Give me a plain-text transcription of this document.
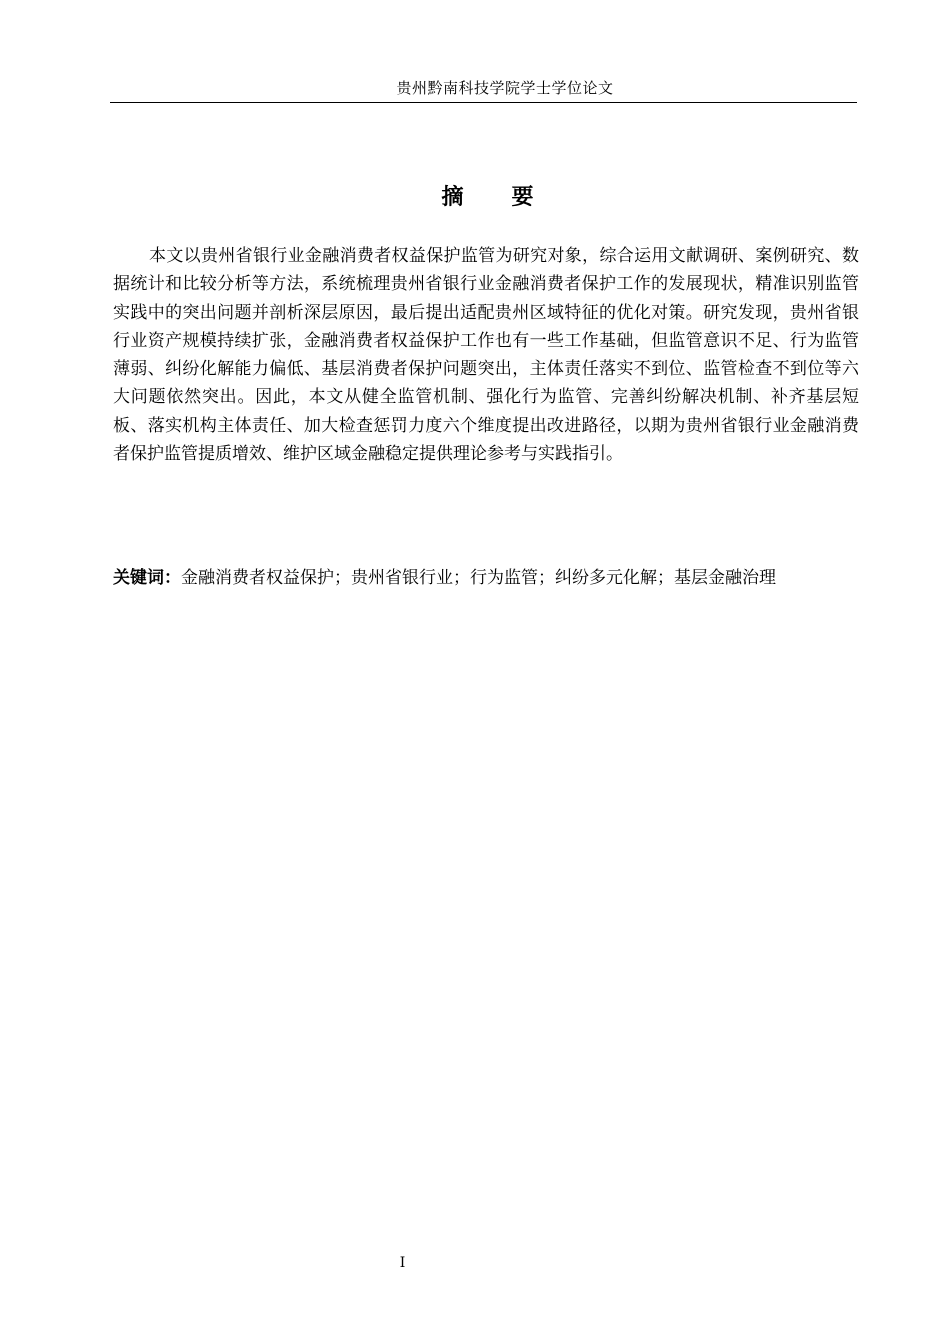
贵州黔南科技学院学士学位论文
摘 要

本文以贵州省银行业金融消费者权益保护监管为研究对象，综合运用文献调研、案例研究、数据统计和比较分析等方法，系统梳理贵州省银行业金融消费者保护工作的发展现状，精准识别监管实践中的突出问题并剖析深层原因，最后提出适配贵州区域特征的优化对策。研究发现，贵州省银行业资产规模持续扩张，金融消费者权益保护工作也有一些工作基础，但监管意识不足、行为监管薄弱、纠纷化解能力偏低、基层消费者保护问题突出，主体责任落实不到位、监管检查不到位等六大问题依然突出。因此，本文从健全监管机制、强化行为监管、完善纠纷解决机制、补齐基层短板、落实机构主体责任、加大检查惩罚力度六个维度提出改进路径，以期为贵州省银行业金融消费者保护监管提质增效、维护区域金融稳定提供理论参考与实践指引。

关键词：金融消费者权益保护；贵州省银行业；行为监管；纠纷多元化解；基层金融治理

I
